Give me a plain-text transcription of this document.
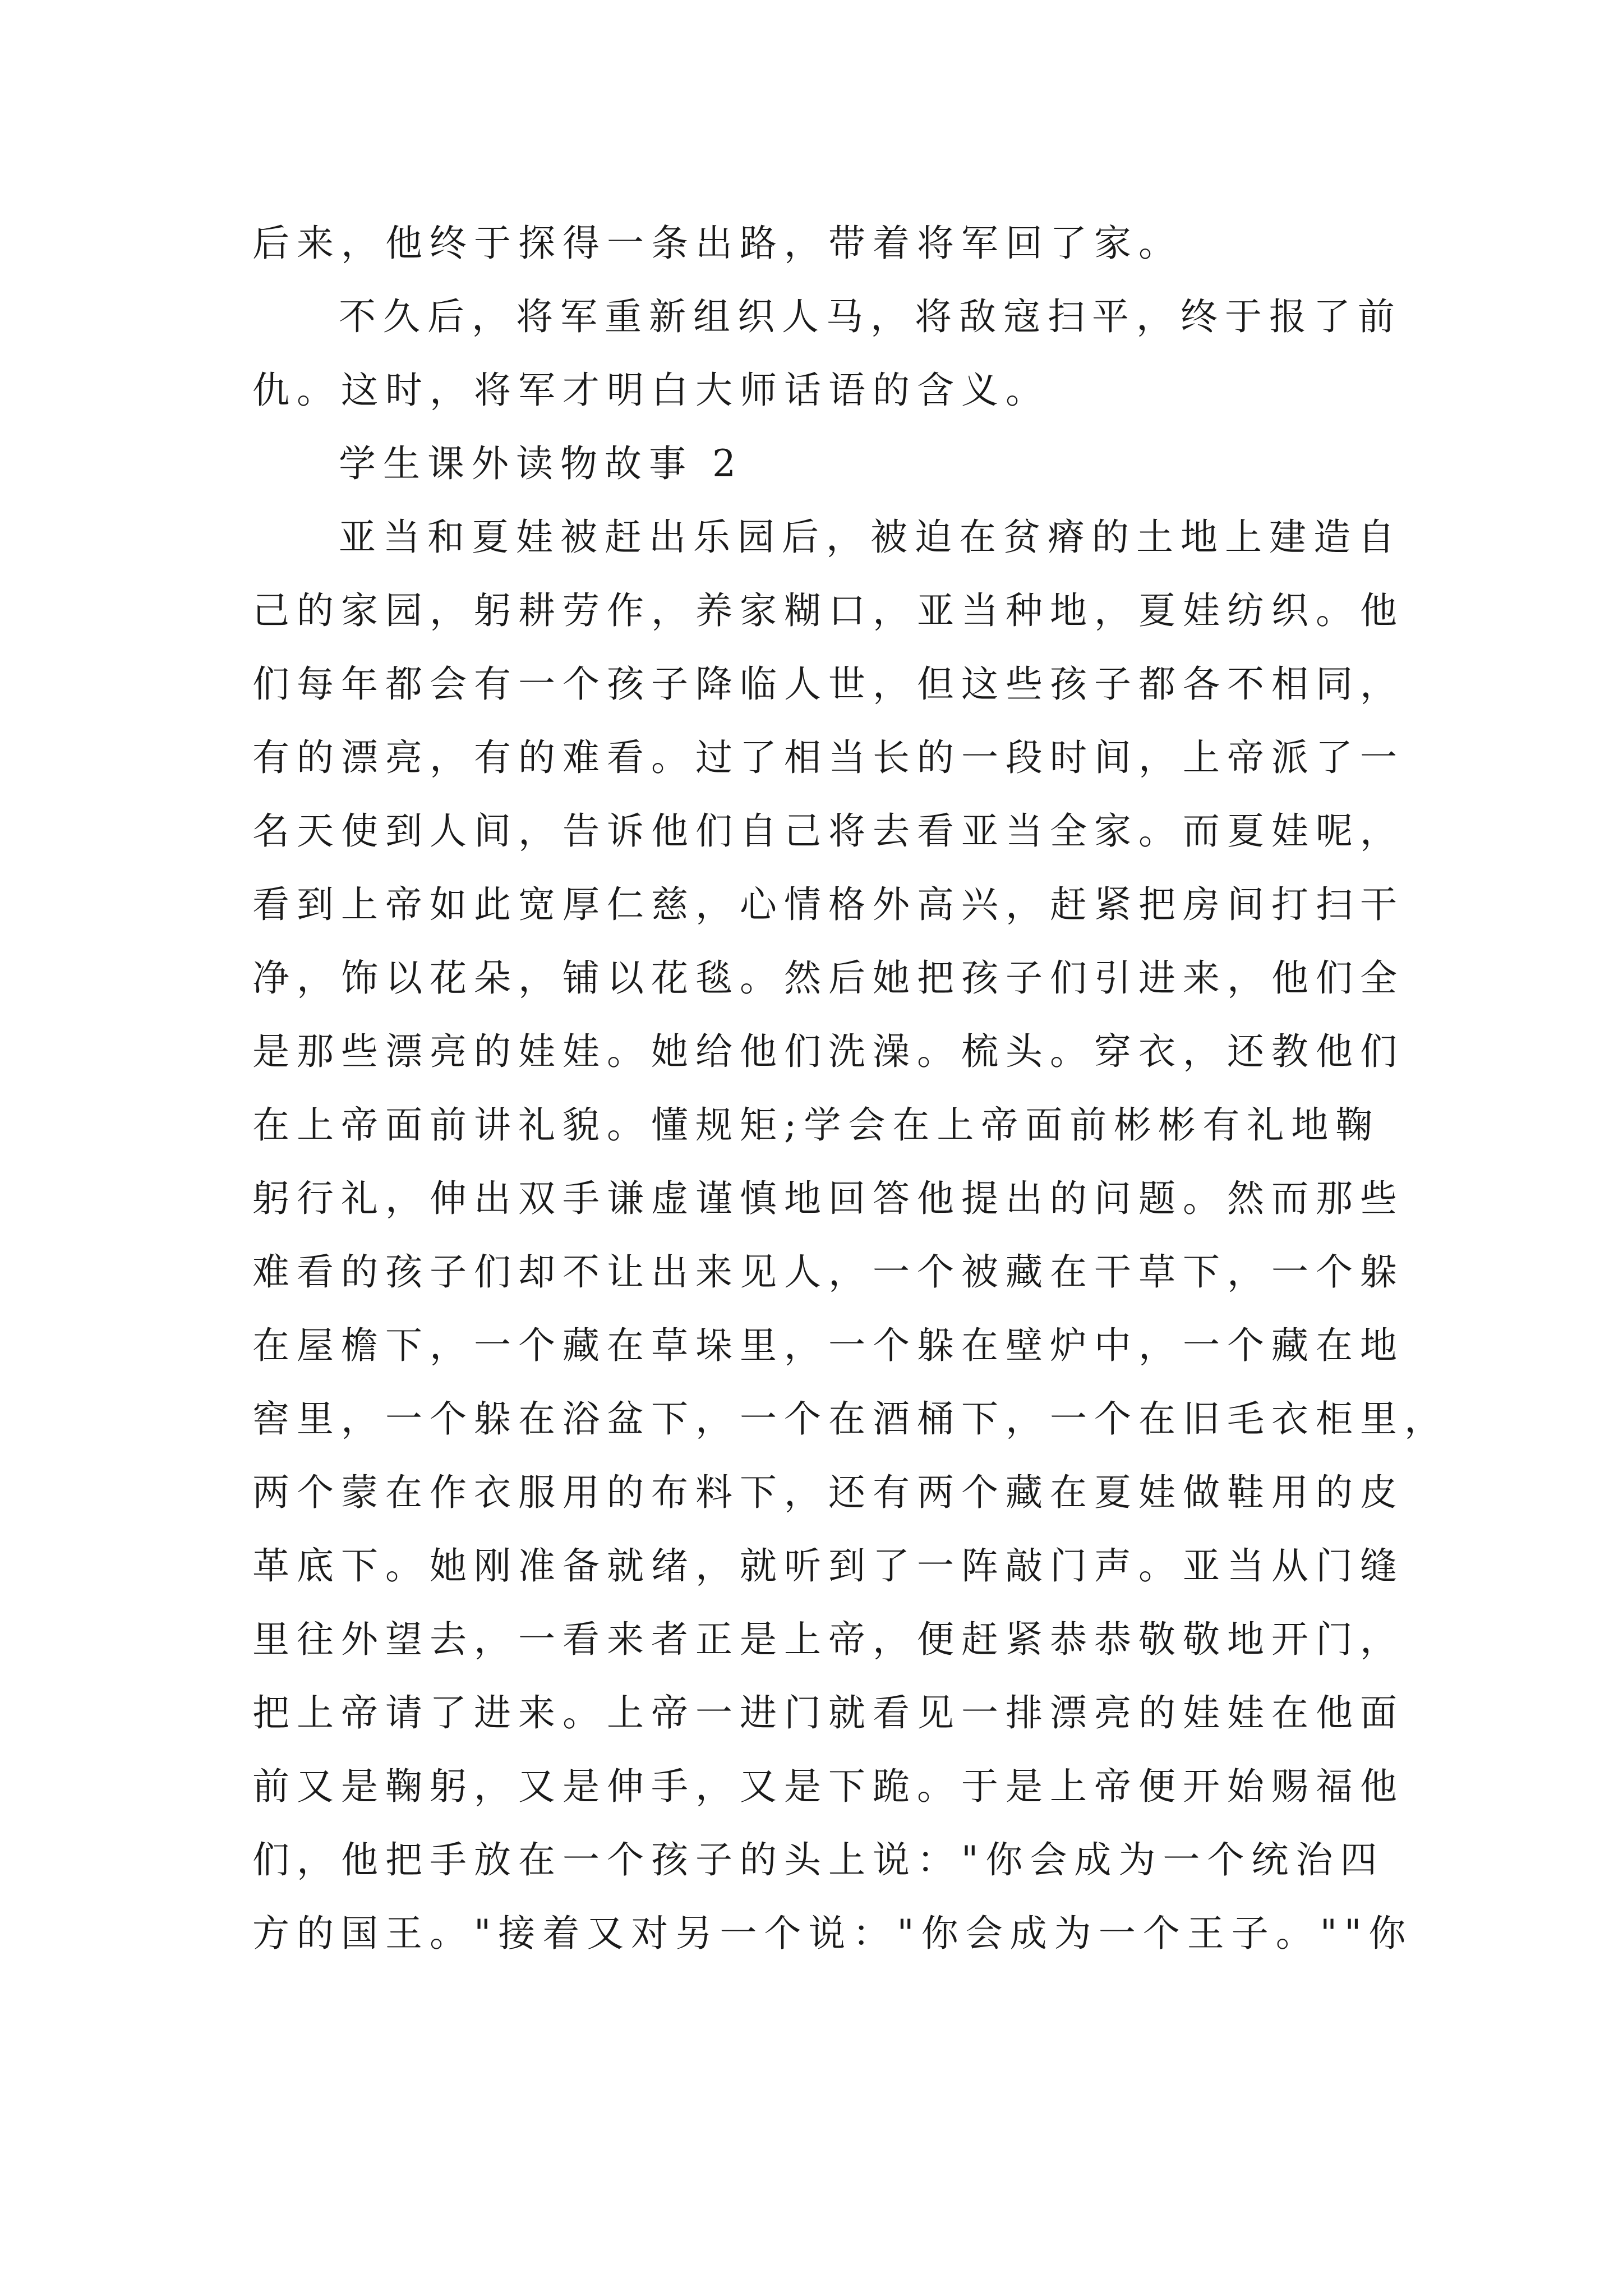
后来，他终于探得一条出路，带着将军回了家。
不久后，将军重新组织人马，将敌寇扫平，终于报了前
仇。这时，将军才明白大师话语的含义。
学生课外读物故事 2
亚当和夏娃被赶出乐园后，被迫在贫瘠的土地上建造自
己的家园，躬耕劳作，养家糊口，亚当种地，夏娃纺织。他
们每年都会有一个孩子降临人世，但这些孩子都各不相同，
有的漂亮，有的难看。过了相当长的一段时间，上帝派了一
名天使到人间，告诉他们自己将去看亚当全家。而夏娃呢，
看到上帝如此宽厚仁慈，心情格外高兴，赶紧把房间打扫干
净，饰以花朵，铺以花毯。然后她把孩子们引进来，他们全
是那些漂亮的娃娃。她给他们洗澡。梳头。穿衣，还教他们
在上帝面前讲礼貌。懂规矩;学会在上帝面前彬彬有礼地鞠
躬行礼，伸出双手谦虚谨慎地回答他提出的问题。然而那些
难看的孩子们却不让出来见人，一个被藏在干草下，一个躲
在屋檐下，一个藏在草垛里，一个躲在壁炉中，一个藏在地
窖里，一个躲在浴盆下，一个在酒桶下，一个在旧毛衣柜里，
两个蒙在作衣服用的布料下，还有两个藏在夏娃做鞋用的皮
革底下。她刚准备就绪，就听到了一阵敲门声。亚当从门缝
里往外望去，一看来者正是上帝，便赶紧恭恭敬敬地开门，
把上帝请了进来。上帝一进门就看见一排漂亮的娃娃在他面
前又是鞠躬，又是伸手，又是下跪。于是上帝便开始赐福他
们，他把手放在一个孩子的头上说："你会成为一个统治四
方的国王。"接着又对另一个说："你会成为一个王子。""你
